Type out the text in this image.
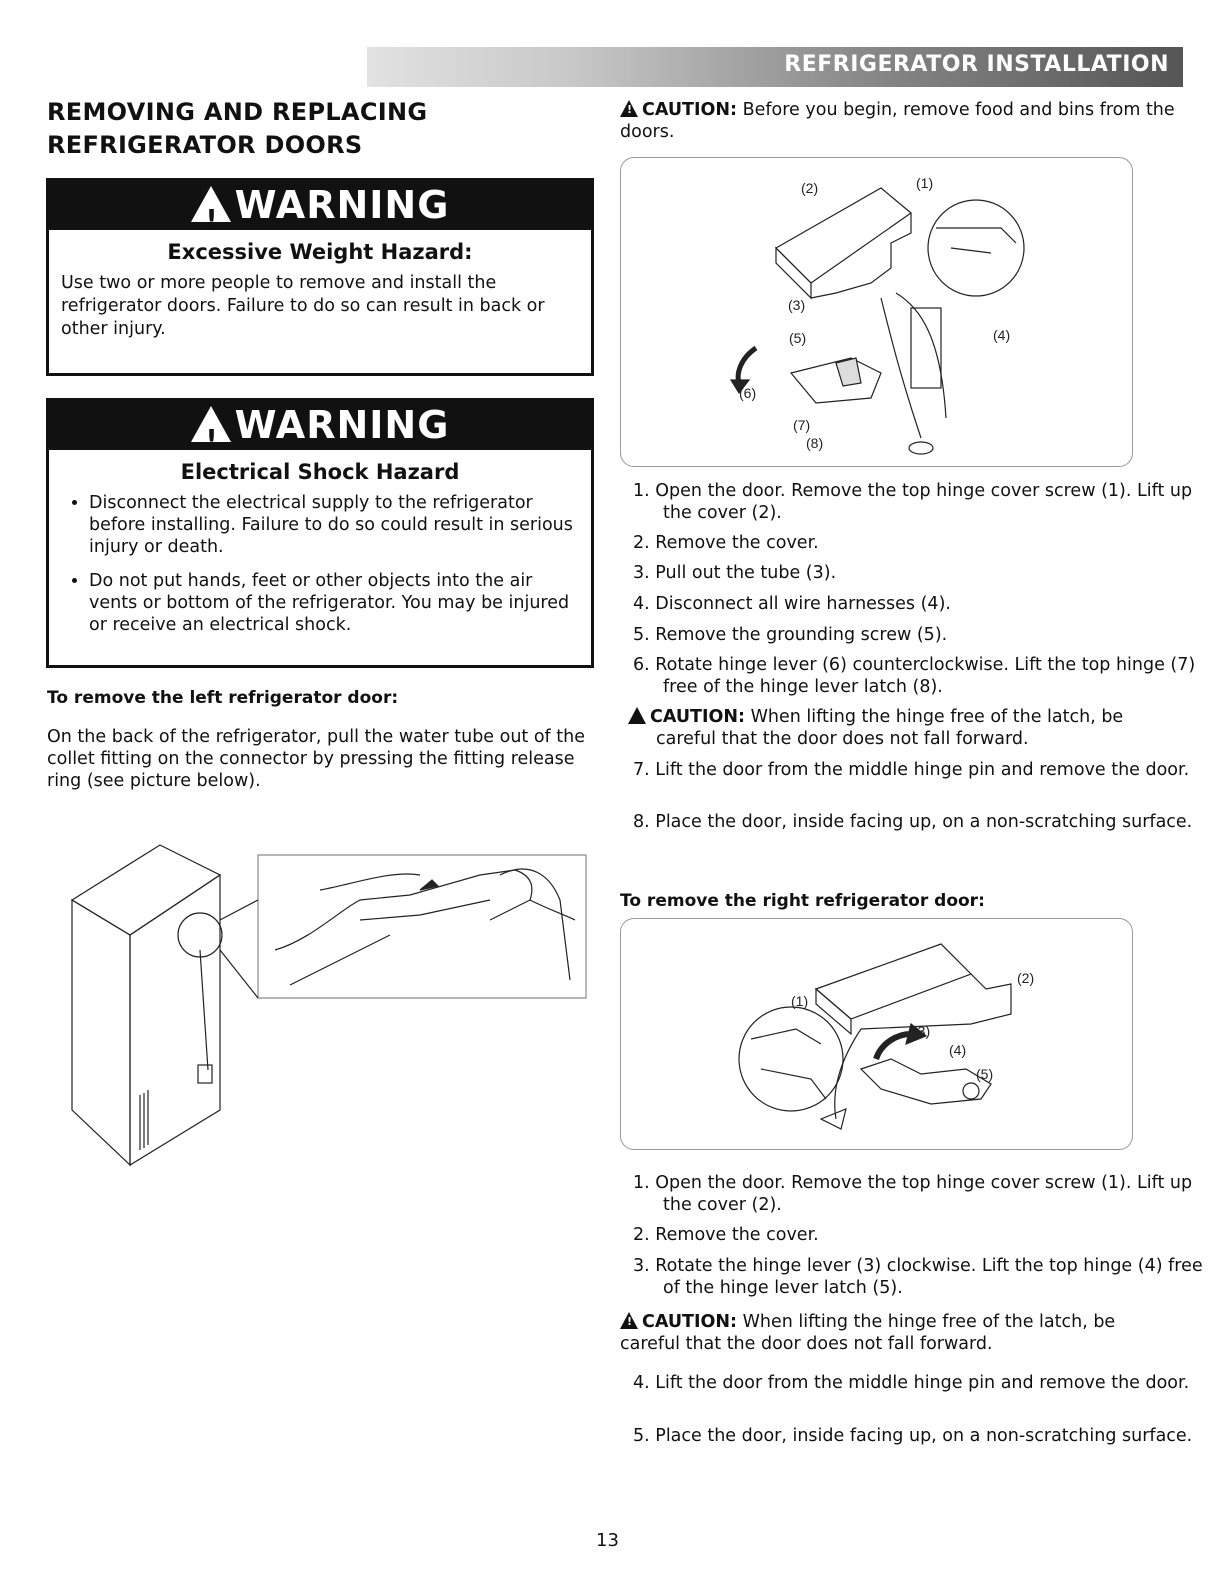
REFRIGERATOR INSTALLATION
REMOVING AND REPLACING
REFRIGERATOR DOORS
! WARNING
Excessive Weight Hazard:
Use two or more people to remove and install the refrigerator doors. Failure to do so can result in back or other injury.
! WARNING
Electrical Shock Hazard
• Disconnect the electrical supply to the refrigerator before installing. Failure to do so could result in serious injury or death.
• Do not put hands, feet or other objects into the air vents or bottom of the refrigerator. You may be injured or receive an electrical shock.
To remove the left refrigerator door:
On the back of the refrigerator, pull the water tube out of the collet fitting on the connector by pressing the fitting release ring (see picture below).
! CAUTION: Before you begin, remove food and bins from the doors.
(1)
(2)
(3)
(4)
(5)
(6)
(7)
(8)
1. Open the door. Remove the top hinge cover screw (1). Lift up the cover (2).
2. Remove the cover.
3. Pull out the tube (3).
4. Disconnect all wire harnesses (4).
5. Remove the grounding screw (5).
6. Rotate hinge lever (6) counterclockwise. Lift the top hinge (7) free of the hinge lever latch (8).
!	CAUTION: When lifting the hinge free of the latch, be careful that the door does not fall forward.
7. Lift the door from the middle hinge pin and remove the door.
8. Place the door, inside facing up, on a non-scratching surface.
To remove the right refrigerator door:
(1)
(2)
(3)
(4)
(5)
1. Open the door. Remove the top hinge cover screw (1). Lift up the cover (2).
2. Remove the cover.
3. Rotate the hinge lever (3) clockwise. Lift the top hinge (4) free of the hinge lever latch (5).
! CAUTION: When lifting the hinge free of the latch, be careful that the door does not fall forward.
4. Lift the door from the middle hinge pin and remove the door.
5. Place the door, inside facing up, on a non-scratching surface.
13
